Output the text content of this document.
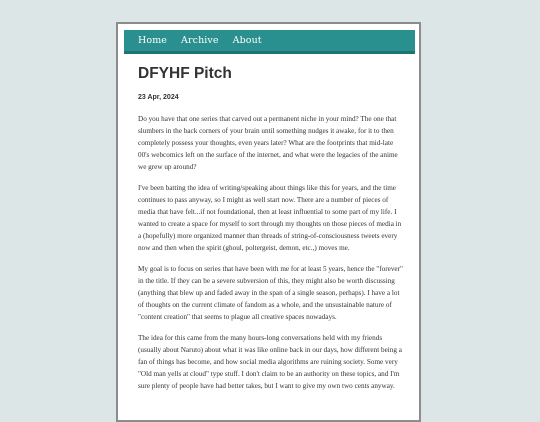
Home Archive About
DFYHF Pitch
23 Apr, 2024

Do you have that one series that carved out a permanent niche in your mind? The one that slumbers in the back corners of your brain until something nudges it awake, for it to then completely possess your thoughts, even years later? What are the footprints that mid-late 00's webcomics left on the surface of the internet, and what were the legacies of the anime we grew up around?

I've been batting the idea of writing/speaking about things like this for years, and the time continues to pass anyway, so I might as well start now. There are a number of pieces of media that have felt...if not foundational, then at least influential to some part of my life. I wanted to create a space for myself to sort through my thoughts on those pieces of media in a (hopefully) more organized manner than threads of string-of-consciousness tweets every now and then when the spirit (ghoul, poltergeist, demon, etc.,) moves me.

My goal is to focus on series that have been with me for at least 5 years, hence the "forever" in the title. If they can be a severe subversion of this, they might also be worth discussing (anything that blew up and faded away in the span of a single season, perhaps). I have a lot of thoughts on the current climate of fandom as a whole, and the unsustainable nature of "content creation" that seems to plague all creative spaces nowadays.

The idea for this came from the many hours-long conversations held with my friends (usually about Naruto) about what it was like online back in our days, how different being a fan of things has become, and how social media algorithms are ruining society. Some very "Old man yells at cloud" type stuff. I don't claim to be an authority on these topics, and I'm sure plenty of people have had better takes, but I want to give my own two cents anyway.
